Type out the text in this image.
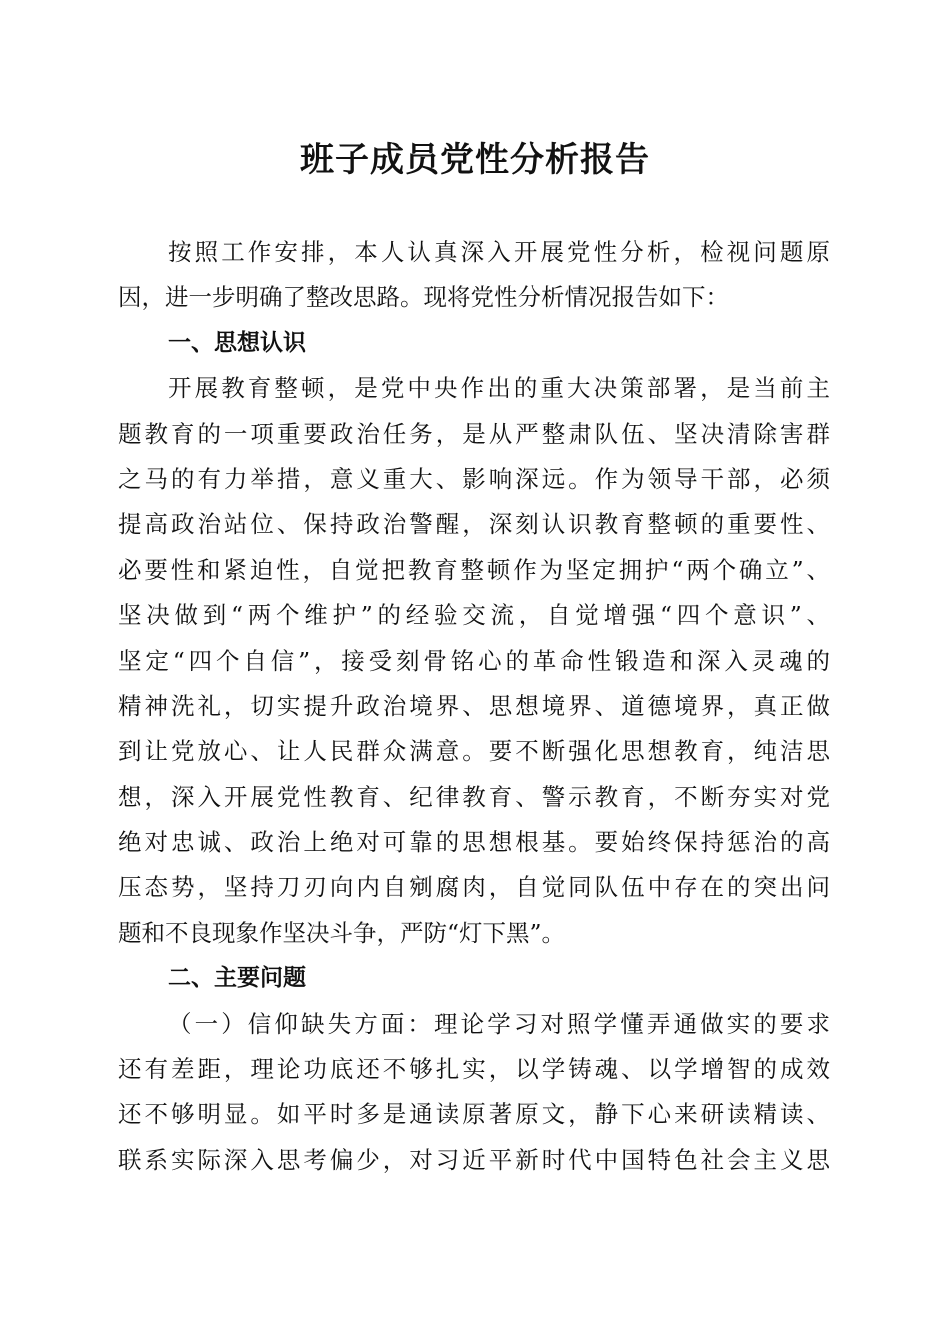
班子成员党性分析报告
按照工作安排，本人认真深入开展党性分析，检视问题原
因，进一步明确了整改思路。现将党性分析情况报告如下：
一、思想认识
开展教育整顿，是党中央作出的重大决策部署，是当前主
题教育的一项重要政治任务，是从严整肃队伍、坚决清除害群
之马的有力举措，意义重大、影响深远。作为领导干部，必须
提高政治站位、保持政治警醒，深刻认识教育整顿的重要性、
必要性和紧迫性，自觉把教育整顿作为坚定拥护“两个确立”、
坚决做到“两个维护”的经验交流，自觉增强“四个意识”、
坚定“四个自信”，接受刻骨铭心的革命性锻造和深入灵魂的
精神洗礼，切实提升政治境界、思想境界、道德境界，真正做
到让党放心、让人民群众满意。要不断强化思想教育，纯洁思
想，深入开展党性教育、纪律教育、警示教育，不断夯实对党
绝对忠诚、政治上绝对可靠的思想根基。要始终保持惩治的高
压态势，坚持刀刃向内自剜腐肉，自觉同队伍中存在的突出问
题和不良现象作坚决斗争，严防“灯下黑”。
二、主要问题
（一）信仰缺失方面：理论学习对照学懂弄通做实的要求
还有差距，理论功底还不够扎实，以学铸魂、以学增智的成效
还不够明显。如平时多是通读原著原文，静下心来研读精读、
联系实际深入思考偏少，对习近平新时代中国特色社会主义思
